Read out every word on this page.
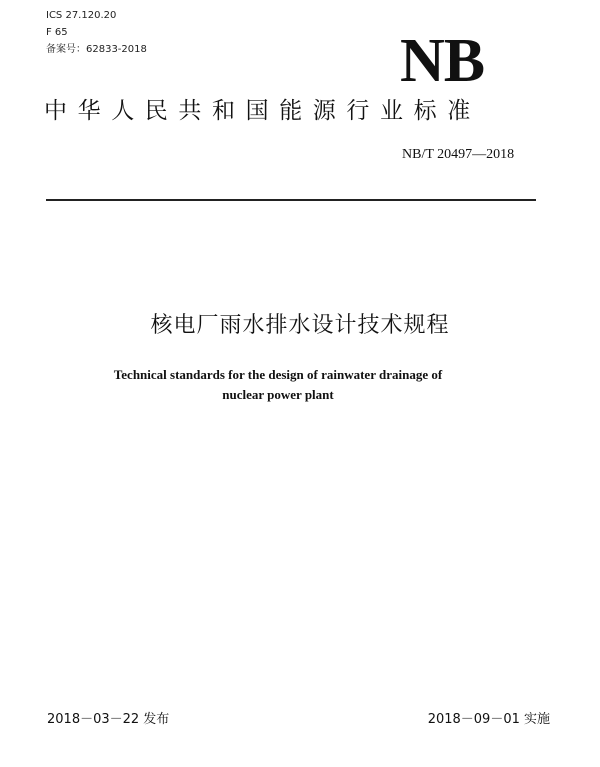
ICS 27.120.20
F 65
备案号：62833-2018	NB
中华人民共和国能源行业标准
NB/T 20497—2018
核电厂雨水排水设计技术规程
Technical standards for the design of rainwater drainage of
nuclear power plant
2018－03－22 发布	2018－09－01 实施
